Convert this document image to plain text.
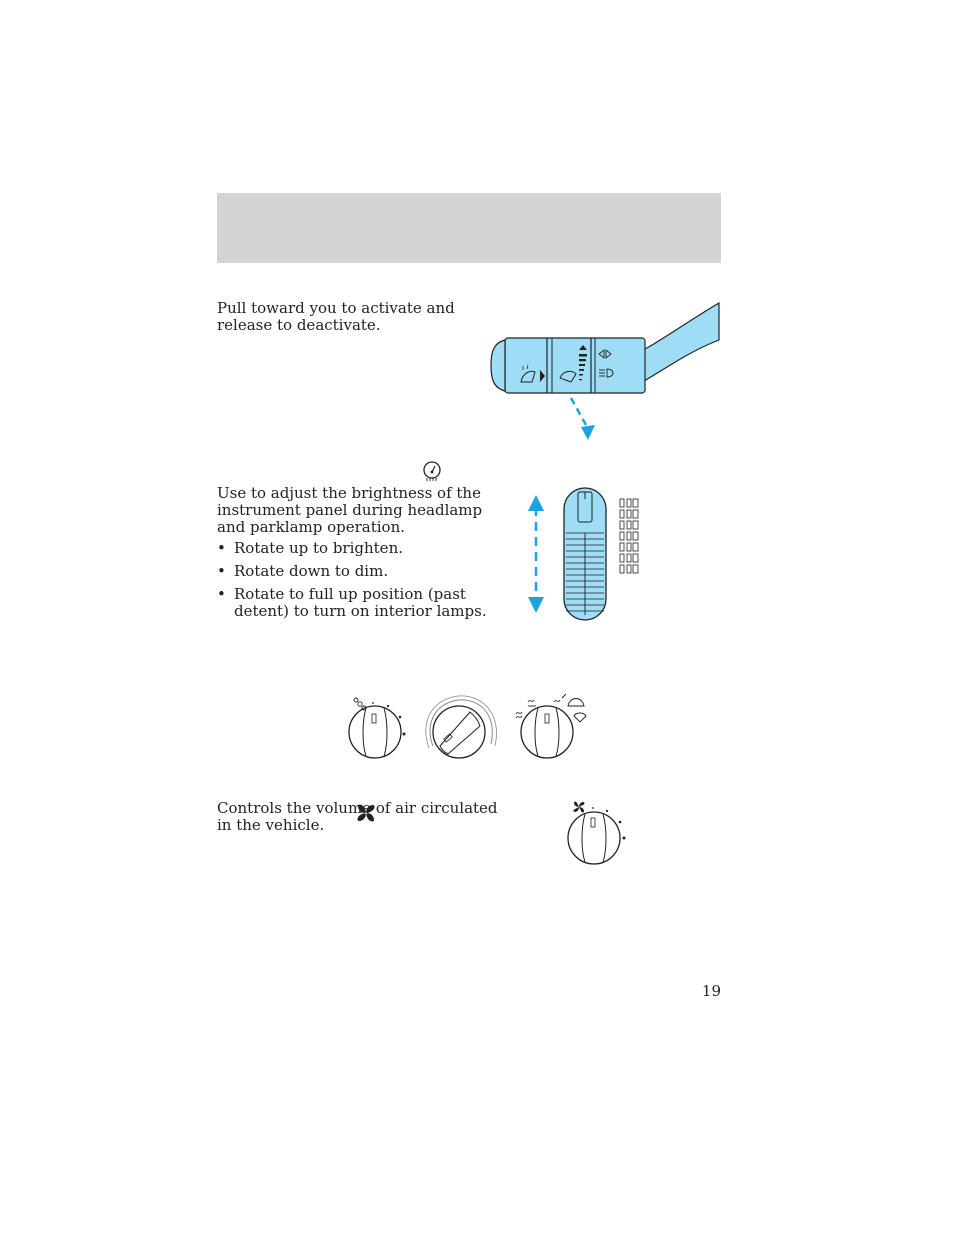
Pull toward you to activate and
release to deactivate.
Use to adjust the brightness of the
instrument panel during headlamp
and parklamp operation.
• Rotate up to brighten.
• Rotate down to dim.
• Rotate to full up position (past
detent) to turn on interior lamps.
Controls the volume of air circulated
in the vehicle.
19
